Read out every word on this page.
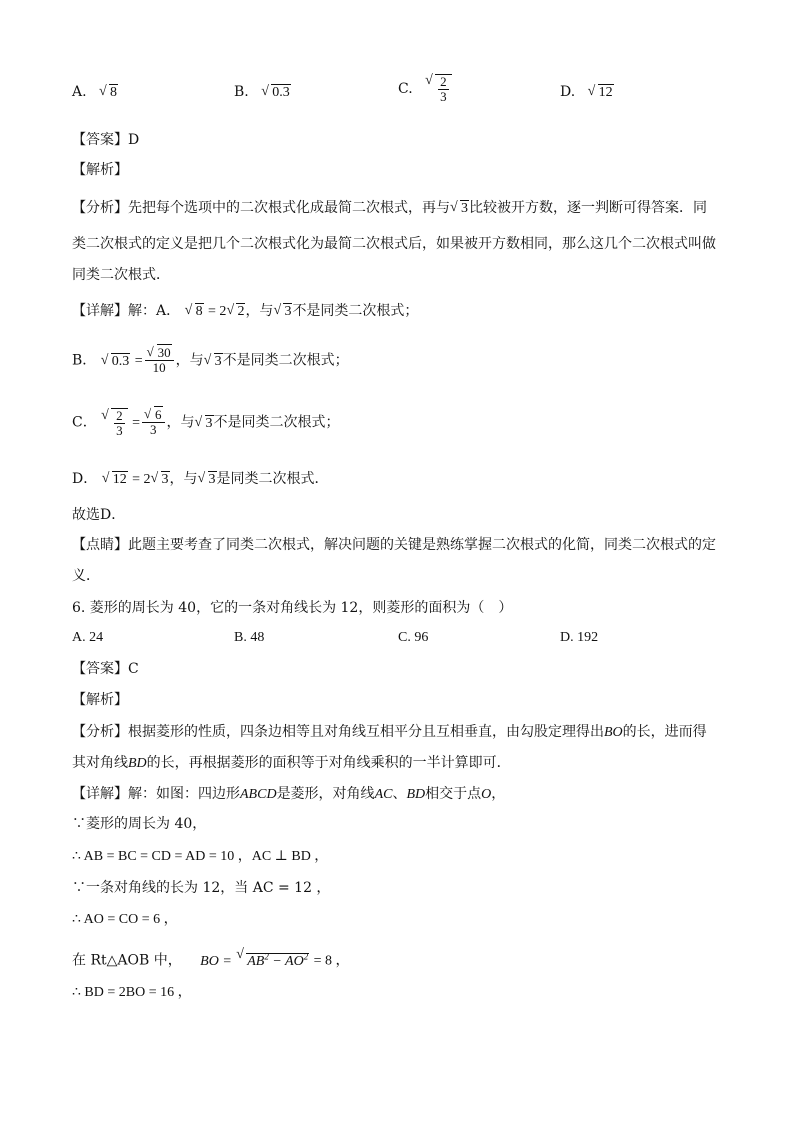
A. √ 8	B. √ 0.3	C. √ $\frac{2}{3}$	D. √ 12
【答案】D
【解析】
【分析】先把每个选项中的二次根式化成最简二次根式，再与 √ 3比较被开方数，逐一判断可得答案．同
类二次根式的定义是把几个二次根式化为最简二次根式后，如果被开方数相同，那么这几个二次根式叫做
同类二次根式．
【详解】解：A． √ 8 = 2 √ 2，与 √ 3不是同类二次根式；
B． √ 0.3 = √ $\frac{30}{10}$ ，与 √ 3不是同类二次根式；
C． √ $\frac{2}{3}$ = √ $\frac{6}{3}$ ，与 √ 3不是同类二次根式；
D． √ 12 = 2 √ 3，与 √ 3是同类二次根式．
故选D．
【点睛】此题主要考查了同类二次根式，解决问题的关键是熟练掌握二次根式的化简，同类二次根式的定
义．
6. 菱形的周长为 40，它的一条对角线长为 12，则菱形的面积为（　）
A. 24	B. 48	C. 96	D. 192
【答案】C
【解析】
【分析】根据菱形的性质，四条边相等且对角线互相平分且互相垂直，由勾股定理得出BO的长，进而得
其对角线BD的长，再根据菱形的面积等于对角线乘积的一半计算即可．
【详解】解：如图：四边形ABCD是菱形，对角线AC、BD相交于点O，
∵菱形的周长为 40，
∴ AB = BC = CD = AD = 10 ，AC ⊥ BD ，
∵一条对角线的长为 12，当 AC = 12 ，
∴ AO = CO = 6 ，
在 Rt△AOB 中， BO = √ $AB^2 - AO^2 = 8$ ，
∴ BD = 2BO = 16 ，
